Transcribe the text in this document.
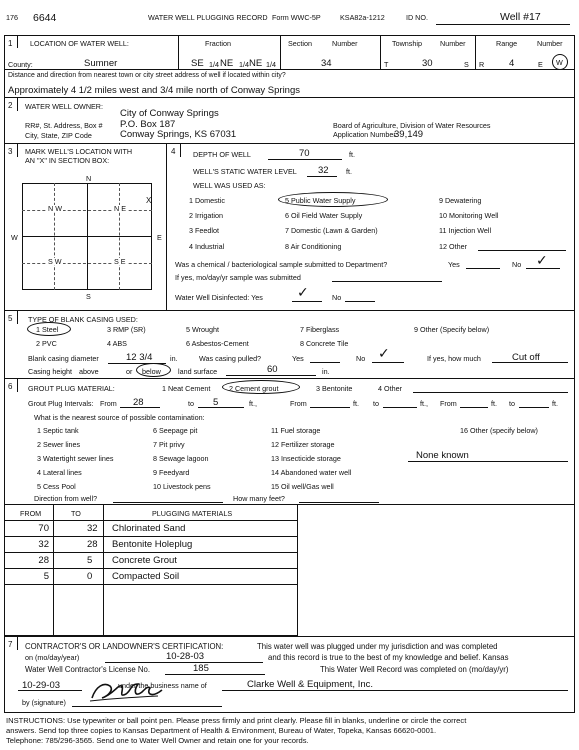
176 6644	WATER WELL PLUGGING RECORD Form WWC-5P	KSA82a-1212	ID NO.	Well #17
1 LOCATION OF WATER WELL:	Fraction	Section	Number	Township	Number	Range	Number
County:	Sumner	SE 1/4 NE 1/4 NE 1/4	34	T	30	S R	4	E W
Distance and direction from nearest town or city street address of well if located within city?
Approximately 4 1/2 miles west and 3/4 mile north of Conway Springs
2 WATER WELL OWNER:
City of Conway Springs
RR#, St. Address, Box # P.O. Box 187
City, State, ZIP Code	Conway Springs, KS 67031
Board of Agriculture, Division of Water Resources
Application Number:
39,149
3 MARK WELL'S LOCATION WITH
AN "X" IN SECTION BOX:
N
S
W	E
N W	N E
S W	S E
X
4 DEPTH OF WELL	70	ft.
WELL'S STATIC WATER LEVEL 32 ft.
WELL WAS USED AS:
1 Domestic
2 Irrigation
3 Feedlot
4 Industrial
5 Public Water Supply
6 Oil Field Water Supply
7 Domestic (Lawn & Garden)
8 Air Conditioning
9 Dewatering
10 Monitoring Well
11 Injection Well
12 Other
Was a chemical / bacteriological sample submitted to Department?	Yes	No ✓
If yes, mo/day/yr sample was submitted
Water Well Disinfected: Yes ✓	No
5 TYPE OF BLANK CASING USED:
1 Steel
2 PVC
3 RMP (SR)
4 ABS
5 Wrought
6 Asbestos-Cement
7 Fiberglass
8 Concrete Tile
9 Other (Specify below)
Blank casing diameter	12 3/4 in.	Was casing pulled?	Yes	No ✓	If yes, how much	Cut off
Casing height above	or below land surface	60	in.
6 GROUT PLUG MATERIAL:	1 Neat Cement	2 Cement grout	3 Bentonite	4 Other
Grout Plug Intervals: From 28	to 5	ft.,	From	ft. to	ft., From	ft. to	ft.
What is the nearest source of possible contamination:
1 Septic tank
2 Sewer lines
3 Watertight sewer lines
4 Lateral lines
5 Cess Pool
6 Seepage pit
7 Pit privy
8 Sewage lagoon
9 Feedyard
10 Livestock pens
11 Fuel storage
12 Fertilizer storage
13 Insecticide storage
14 Abandoned water well
15 Oil well/Gas well
16 Other (specify below)
None known
Direction from well?	How many feet?
FROM	TO	PLUGGING MATERIALS
70	32 Chlorinated Sand
32	28 Bentonite Holeplug
28	5 Concrete Grout
5	0 Compacted Soil
7 CONTRACTOR'S OR LANDOWNER'S CERTIFICATION:	This water well was plugged under my jurisdiction and was completed
on (mo/day/year)	10-28-03	and this record is true to the best of my knowledge and belief. Kansas
Water Well Contractor's License No.	185	This Water Well Record was completed on (mo/day/yr)
10-29-03	under the business name of	Clarke Well & Equipment, Inc.
by (signature)
INSTRUCTIONS: Use typewriter or ball point pen. Please press firmly and print clearly. Please fill in blanks, underline or circle the correct
answers. Send top three copies to Kansas Department of Health & Environment, Bureau of Water, Topeka, Kansas 66620-0001.
Telephone: 785/296-3565. Send one to Water Well Owner and retain one for your records.
